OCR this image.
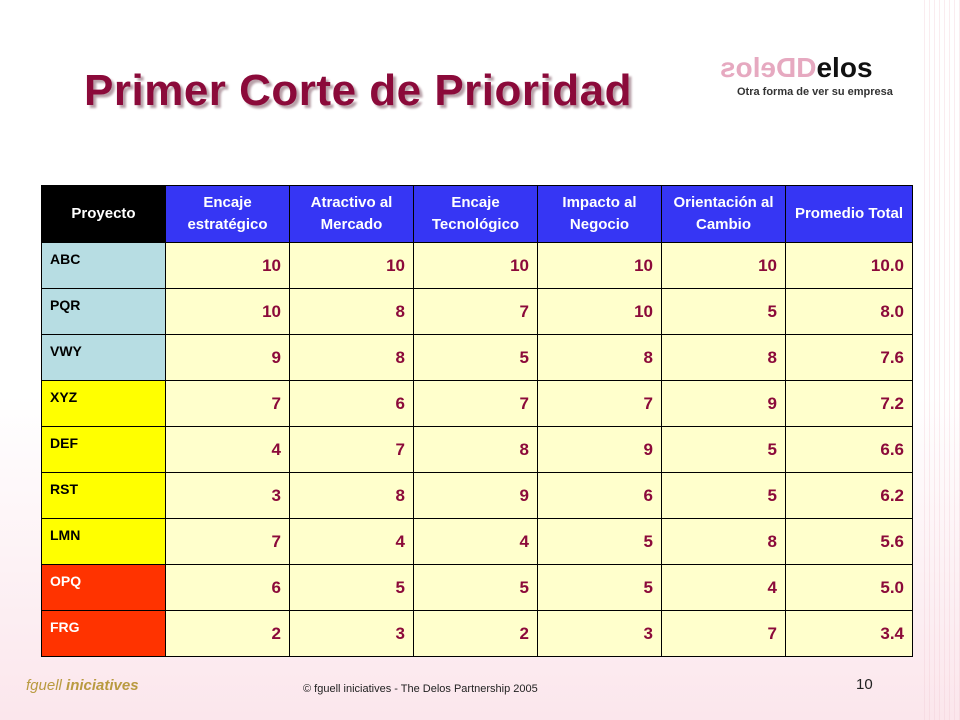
Primer Corte de Prioridad	DelosDelos
Otra forma de ver su empresa
Proyecto	Encaje estratégico	Atractivo al Mercado	Encaje Tecnológico	Impacto al Negocio	Orientación al Cambio	Promedio Total
ABC	10	10	10	10	10	10.0
PQR	10	8	7	10	5	8.0
VWY	9	8	5	8	8	7.6
XYZ	7	6	7	7	9	7.2
DEF	4	7	8	9	5	6.6
RST	3	8	9	6	5	6.2
LMN	7	4	4	5	8	5.6
OPQ	6	5	5	5	4	5.0
FRG	2	3	2	3	7	3.4
fguell iniciatives	© fguell iniciatives - The Delos Partnership 2005	10
